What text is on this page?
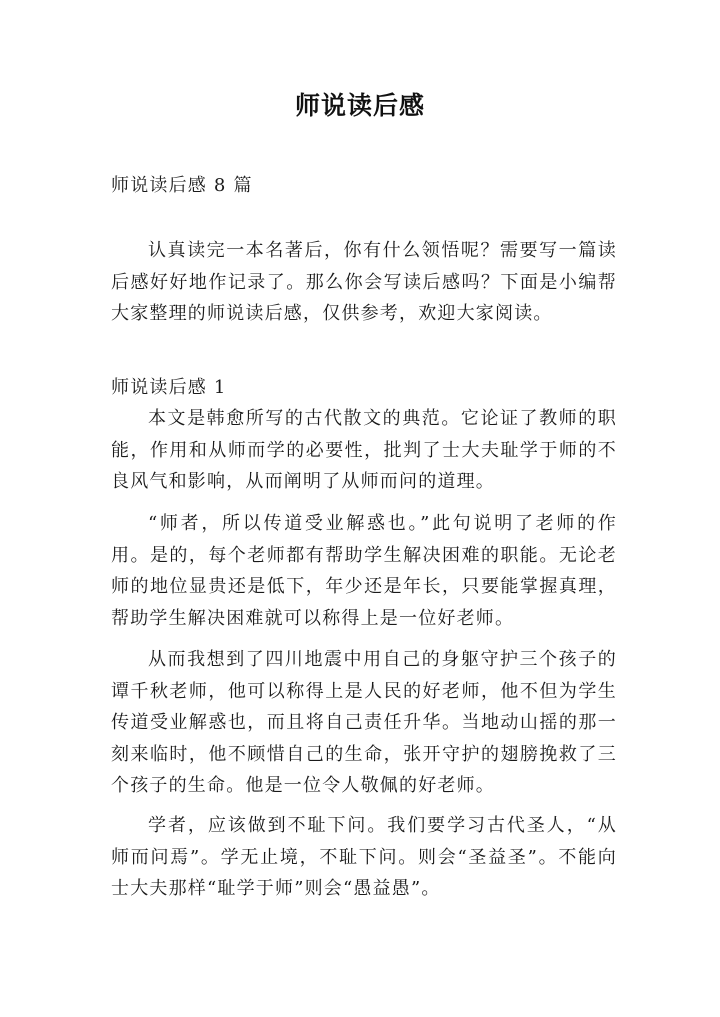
师说读后感

师说读后感 8 篇

认真读完一本名著后，你有什么领悟呢？需要写一篇读后感好好地作记录了。那么你会写读后感吗？下面是小编帮大家整理的师说读后感，仅供参考，欢迎大家阅读。

师说读后感 1

本文是韩愈所写的古代散文的典范。它论证了教师的职能，作用和从师而学的必要性，批判了士大夫耻学于师的不良风气和影响，从而阐明了从师而问的道理。

“师者，所以传道受业解惑也。”此句说明了老师的作用。是的，每个老师都有帮助学生解决困难的职能。无论老师的地位显贵还是低下，年少还是年长，只要能掌握真理，帮助学生解决困难就可以称得上是一位好老师。

从而我想到了四川地震中用自己的身躯守护三个孩子的谭千秋老师，他可以称得上是人民的好老师，他不但为学生传道受业解惑也，而且将自己责任升华。当地动山摇的那一刻来临时，他不顾惜自己的生命，张开守护的翅膀挽救了三个孩子的生命。他是一位令人敬佩的好老师。

学者，应该做到不耻下问。我们要学习古代圣人，“从师而问焉”。学无止境，不耻下问。则会“圣益圣”。不能向士大夫那样“耻学于师”则会“愚益愚”。
